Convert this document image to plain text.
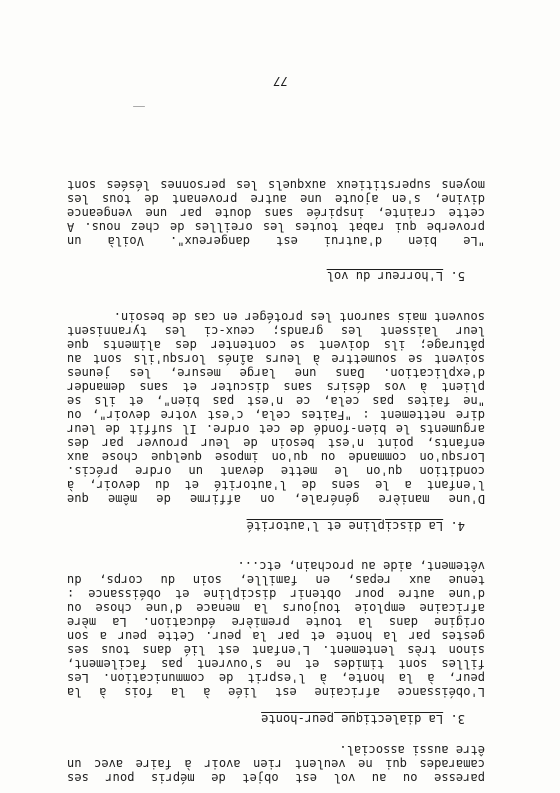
paresse ou au vol est objet de mépris pour ses
camarades qui ne veulent rien avoir à faire avec un
être aussi associal.
3. La dialectique peur-honte
L'obéissance africaine est liée à la fois à la
peur, à la honte, à l'esprit de communication. Les
filles sont timides et ne s'ouvrent pas facilement,
sinon très lentement. L'enfant est lié dans tous ses
gestes par la honte et par la peur. Cette peur a son
origine dans la toute première éducation. La mère
africaine emploie toujours la menace d'une chose ou
d'une autre pour obtenir discipline et obéissance :
tenue aux repas, en famille, soin du corps, du
vêtement, aide au prochain, etc...
4. La discipline et l'autorité
D'une manière générale, on affirme de même que
l'enfant a le sens de l'autorité et du devoir, à
condition qu'on le mette devant un ordre précis.
Lorsqu'on commande ou qu'on impose quelque chose aux
enfants, point n'est besoin de leur prouver par des
arguments le bien-fondé de cet ordre. Il suffit de leur
dire nettement : "Faites cela, c'est votre devoir", ou
"ne faites pas cela, ce n'est pas bien", et ils se
plient à vos désirs sans discuter et sans demander
d'explication. Dans une large mesure, les jeunes
soivent se soumettre à leurs aînés lorsqu'ils sont au
pâturage; ils doivent se contenter des aliments que
leur laissent les grands; ceux-ci les tyrannisent
souvent mais sauront les protéger en cas de besoin.
5. L'horreur du vol
"Le bien d'autrui est dangereux". Voilà un
proverbe qui rabat toutes les oreilles de chez nous. A
cette crainte, inspirée sans doute par une vengeance
divine, s'en ajoute une autre provenant de tous les
moyens superstitieux auxquels les personnes lésées sont
77
